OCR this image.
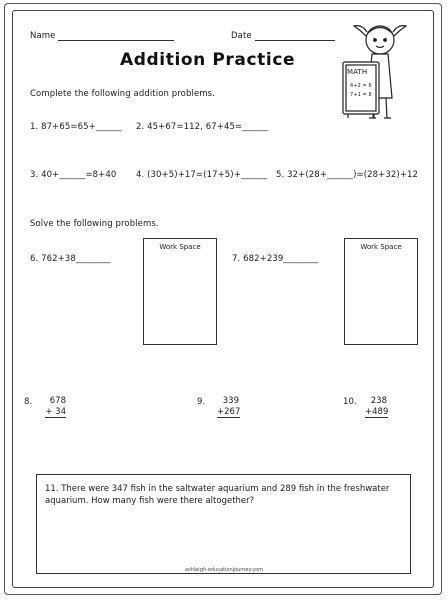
Name	Date
Addition Practice
MATH
4+2 = 6
7+1 = 8
Complete the following addition problems.
1. 87+65=65+______ 2. 45+67=112, 67+45=______
3. 40+______=8+40 4. (30+5)+17=(17+5)+______ 5. 32+(28+______)=(28+32)+12
Solve the following problems.
6. 762+38________
Work Space
7. 682+239________
Work Space
8.	678
+ 34
9.	339
+267
10.	238
+489
11. There were 347 fish in the saltwater aquarium and 289 fish in the freshwater aquarium. How many fish were there altogether?
ashleigh-educationjourney.com
